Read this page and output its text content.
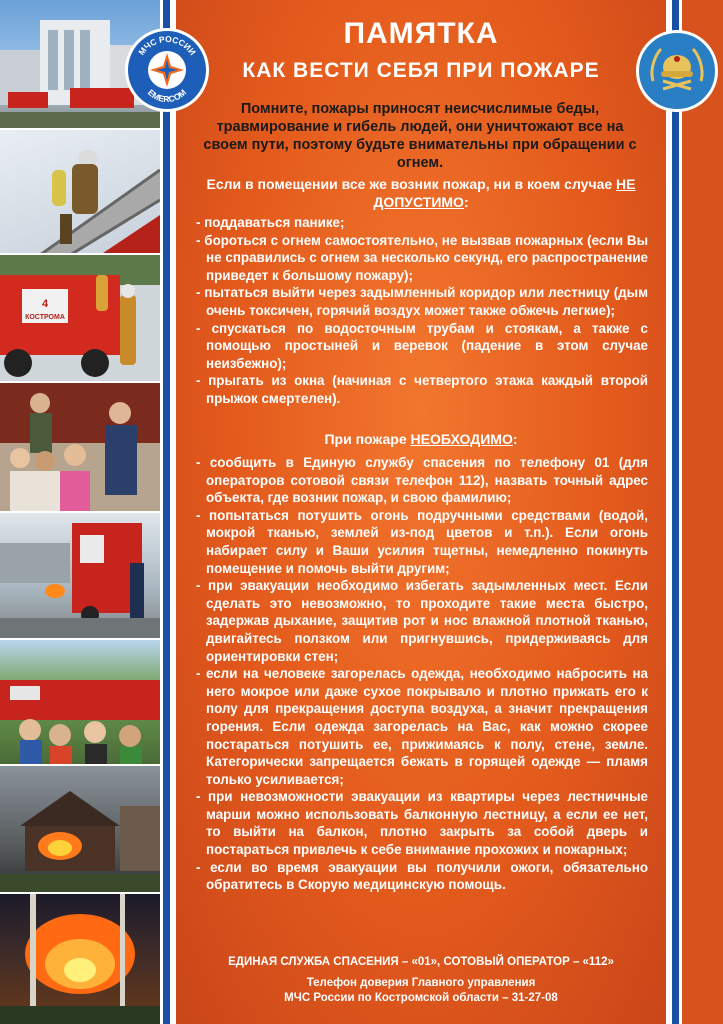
4
КОСТРОМА
МЧС РОССИИ
EMERCOM
ПАМЯТКА
КАК ВЕСТИ СЕБЯ ПРИ ПОЖАРЕ
Помните, пожары приносят неисчислимые беды, травмирование и гибель людей, они уничтожают все на своем пути, поэтому будьте внимательны при обращении с огнем.
Если в помещении все же возник пожар, ни в коем случае НЕ ДОПУСТИМО:
- поддаваться панике;
- бороться с огнем самостоятельно, не вызвав пожарных (если Вы не справились с огнем за несколько секунд, его распространение приведет к большому пожару);
- пытаться выйти через задымленный коридор или лестницу (дым очень токсичен, горячий воздух может также обжечь легкие);
- спускаться по водосточным трубам и стоякам, а также с помощью простыней и веревок (падение в этом случае неизбежно);
- прыгать из окна (начиная с четвертого этажа каждый второй прыжок смертелен).
При пожаре НЕОБХОДИМО:
- сообщить в Единую службу спасения по телефону 01 (для операторов сотовой связи телефон 112), назвать точный адрес объекта, где возник пожар, и свою фамилию;
- попытаться потушить огонь подручными средствами (водой, мокрой тканью, землей из-под цветов и т.п.). Если огонь набирает силу и Ваши усилия тщетны, немедленно покинуть помещение и помочь выйти другим;
- при эвакуации необходимо избегать задымленных мест. Если сделать это невозможно, то проходите такие места быстро, задержав дыхание, защитив рот и нос влажной плотной тканью, двигайтесь ползком или пригнувшись, придерживаясь для ориентировки стен;
- если на человеке загорелась одежда, необходимо набросить на него мокрое или даже сухое покрывало и плотно прижать его к полу для прекращения доступа воздуха, а значит прекращения горения. Если одежда загорелась на Вас, как можно скорее постараться потушить ее, прижимаясь к полу, стене, земле. Категорически запрещается бежать в горящей одежде — пламя только усиливается;
- при невозможности эвакуации из квартиры через лестничные марши можно использовать балконную лестницу, а если ее нет, то выйти на балкон, плотно закрыть за собой дверь и постараться привлечь к себе внимание прохожих и пожарных;
- если во время эвакуации вы получили ожоги, обязательно обратитесь в Скорую медицинскую помощь.
ЕДИНАЯ СЛУЖБА СПАСЕНИЯ – «01», СОТОВЫЙ ОПЕРАТОР – «112»
Телефон доверия Главного управления
МЧС России по Костромской области – 31-27-08
